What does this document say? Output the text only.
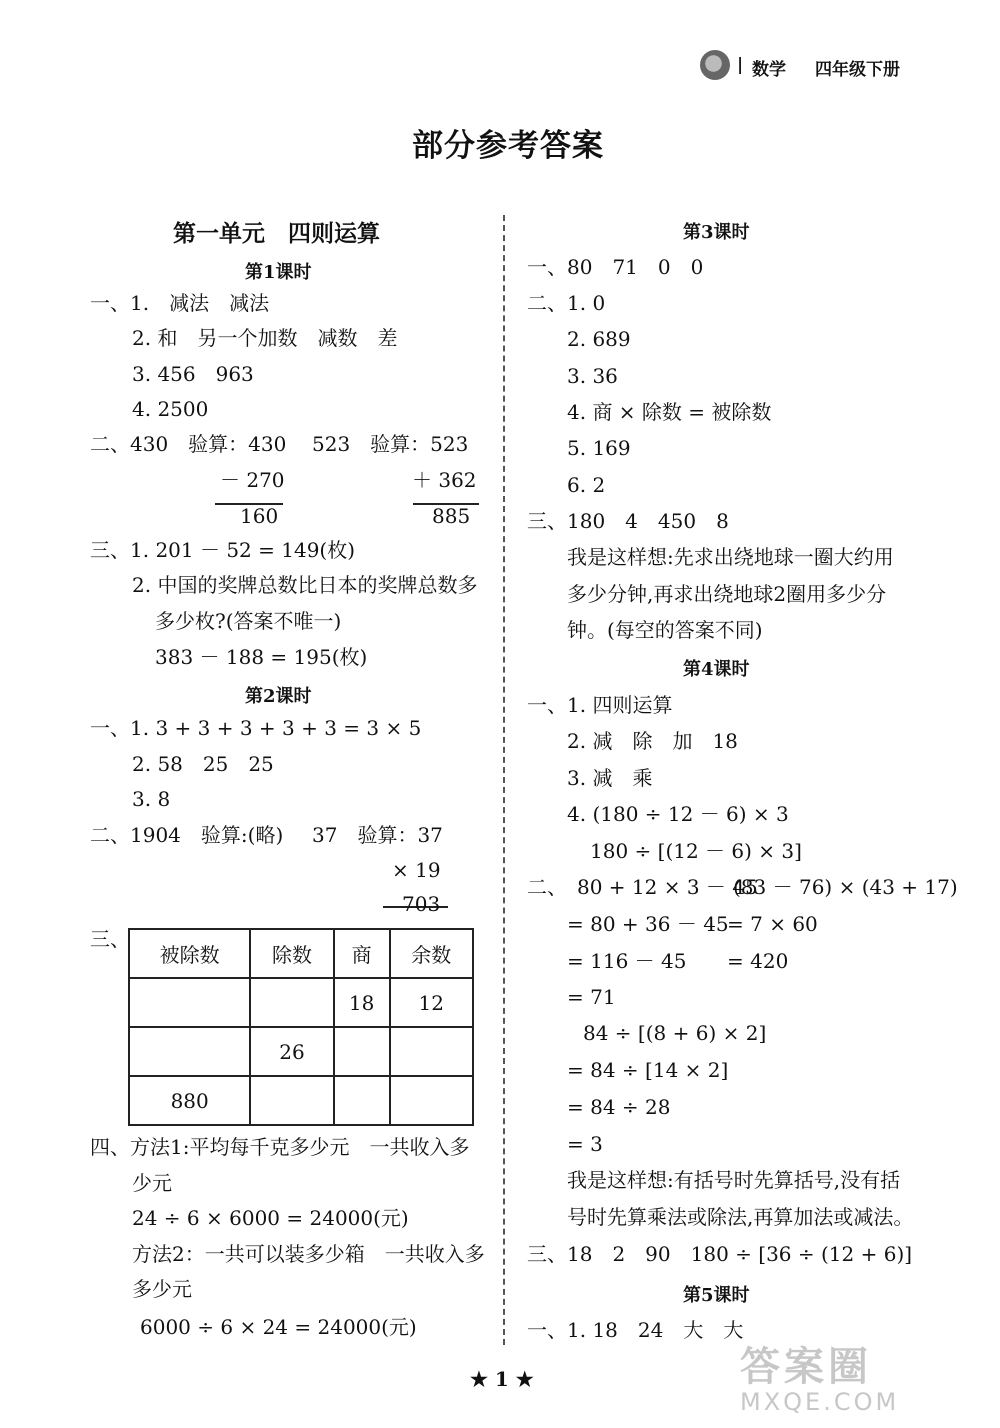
| 数学 四年级下册
部分参考答案
第一单元　四则运算
第1课时
一、1.　减法　减法
2. 和　另一个加数　减数　差
3. 456　963
4. 2500
二、430　验算：430
－ 270
160
523　验算：523
＋ 362
885
三、1. 201 － 52 = 149(枚)
2. 中国的奖牌总数比日本的奖牌总数多
多少枚?(答案不唯一)
383 － 188 = 195(枚)
第2课时
一、1. 3 + 3 + 3 + 3 + 3 = 3 × 5
2. 58　25　25
3. 8
二、1904　验算:(略) 37　验算：37
× 19
703
三、
被除数	除数	商	余数
		18	12
	26		
880			
四、方法1:平均每千克多少元　一共收入多
少元
24 ÷ 6 × 6000 = 24000(元)
方法2：一共可以装多少箱　一共收入多
多少元
6000 ÷ 6 × 24 = 24000(元)
第3课时
一、80　71　0　0
二、1. 0
2. 689
3. 36
4. 商 × 除数 = 被除数
5. 169
6. 2
三、180　4　450　8
我是这样想:先求出绕地球一圈大约用
多少分钟,再求出绕地球2圈用多少分
钟。(每空的答案不同)
第4课时
一、1. 四则运算
2. 减　除　加　18
3. 减　乘
4. (180 ÷ 12 － 6) × 3
180 ÷ [(12 － 6) × 3]
二、　80 + 12 × 3 － 45
= 80 + 36 － 45
= 116 － 45
= 71
(83 － 76) × (43 + 17)
= 7 × 60
= 420
84 ÷ [(8 + 6) × 2]
= 84 ÷ [14 × 2]
= 84 ÷ 28
= 3
我是这样想:有括号时先算括号,没有括
号时先算乘法或除法,再算加法或减法。
三、18　2　90　180 ÷ [36 ÷ (12 + 6)]
第5课时
一、1. 18　24　大　大
★ 1 ★	答案圈
MXQE.COM
